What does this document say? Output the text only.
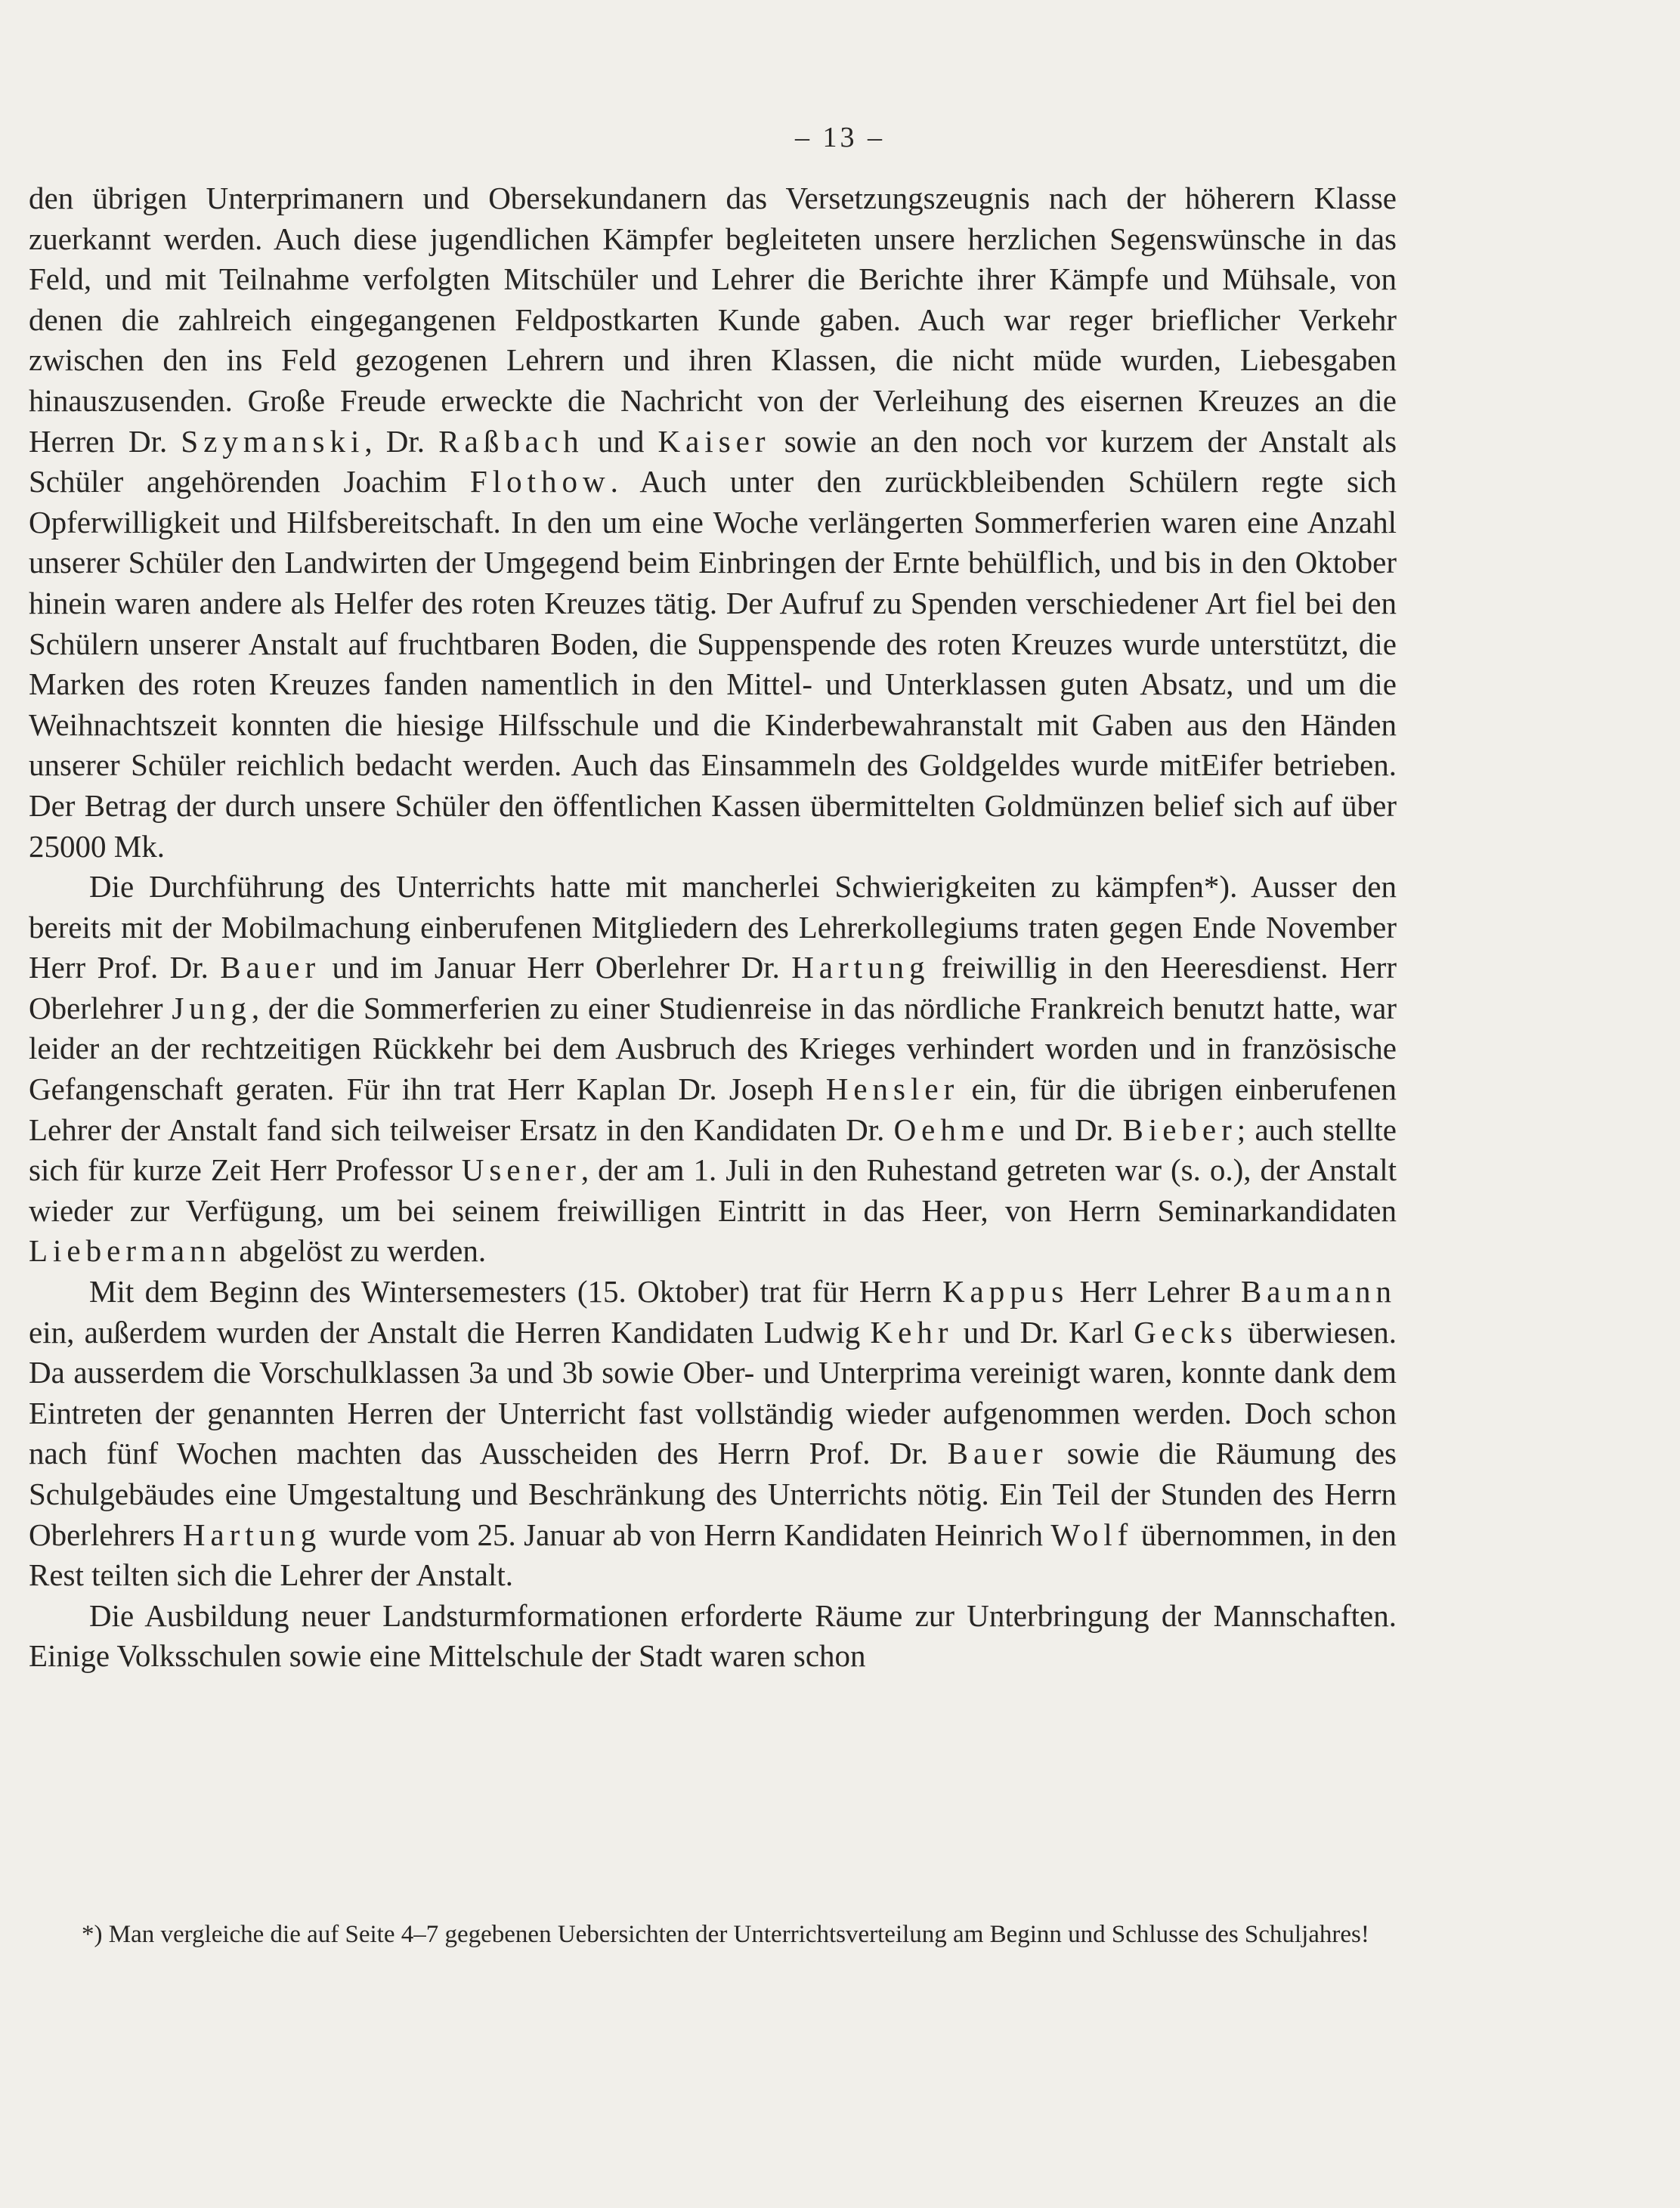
– 13 –

den übrigen Unterprimanern und Obersekundanern das Versetzungszeugnis nach der höherern Klasse zuerkannt werden. Auch diese jugendlichen Kämpfer begleiteten unsere herzlichen Segenswünsche in das Feld, und mit Teilnahme verfolgten Mitschüler und Lehrer die Berichte ihrer Kämpfe und Mühsale, von denen die zahlreich eingegangenen Feldpostkarten Kunde gaben. Auch war reger brieflicher Verkehr zwischen den ins Feld gezogenen Lehrern und ihren Klassen, die nicht müde wurden, Liebesgaben hinauszusenden. Große Freude erweckte die Nachricht von der Verleihung des eisernen Kreuzes an die Herren Dr. Szymanski, Dr. Raßbach und Kaiser sowie an den noch vor kurzem der Anstalt als Schüler angehörenden Joachim Flothow. Auch unter den zurückbleibenden Schülern regte sich Opferwilligkeit und Hilfsbereitschaft. In den um eine Woche verlängerten Sommerferien waren eine Anzahl unserer Schüler den Landwirten der Umgegend beim Einbringen der Ernte behülflich, und bis in den Oktober hinein waren andere als Helfer des roten Kreuzes tätig. Der Aufruf zu Spenden verschiedener Art fiel bei den Schülern unserer Anstalt auf fruchtbaren Boden, die Suppenspende des roten Kreuzes wurde unterstützt, die Marken des roten Kreuzes fanden namentlich in den Mittel- und Unterklassen guten Absatz, und um die Weihnachtszeit konnten die hiesige Hilfsschule und die Kinderbewahranstalt mit Gaben aus den Händen unserer Schüler reichlich bedacht werden. Auch das Einsammeln des Goldgeldes wurde mitEifer betrieben. Der Betrag der durch unsere Schüler den öffentlichen Kassen übermittelten Goldmünzen belief sich auf über 25000 Mk.

Die Durchführung des Unterrichts hatte mit mancherlei Schwierigkeiten zu kämpfen*). Ausser den bereits mit der Mobilmachung einberufenen Mitgliedern des Lehrerkollegiums traten gegen Ende November Herr Prof. Dr. Bauer und im Januar Herr Oberlehrer Dr. Hartung freiwillig in den Heeresdienst. Herr Oberlehrer Jung, der die Sommerferien zu einer Studienreise in das nördliche Frankreich benutzt hatte, war leider an der rechtzeitigen Rückkehr bei dem Ausbruch des Krieges verhindert worden und in französische Gefangenschaft geraten. Für ihn trat Herr Kaplan Dr. Joseph Hensler ein, für die übrigen einberufenen Lehrer der Anstalt fand sich teilweiser Ersatz in den Kandidaten Dr. Oehme und Dr. Bieber; auch stellte sich für kurze Zeit Herr Professor Usener, der am 1. Juli in den Ruhestand getreten war (s. o.), der Anstalt wieder zur Verfügung, um bei seinem freiwilligen Eintritt in das Heer, von Herrn Seminarkandidaten Liebermann abgelöst zu werden.

Mit dem Beginn des Wintersemesters (15. Oktober) trat für Herrn Kappus Herr Lehrer Baumann ein, außerdem wurden der Anstalt die Herren Kandidaten Ludwig Kehr und Dr. Karl Gecks überwiesen. Da ausserdem die Vorschulklassen 3a und 3b sowie Ober- und Unterprima vereinigt waren, konnte dank dem Eintreten der genannten Herren der Unterricht fast vollständig wieder aufgenommen werden. Doch schon nach fünf Wochen machten das Ausscheiden des Herrn Prof. Dr. Bauer sowie die Räumung des Schulgebäudes eine Umgestaltung und Beschränkung des Unterrichts nötig. Ein Teil der Stunden des Herrn Oberlehrers Hartung wurde vom 25. Januar ab von Herrn Kandidaten Heinrich Wolf übernommen, in den Rest teilten sich die Lehrer der Anstalt.

Die Ausbildung neuer Landsturmformationen erforderte Räume zur Unterbringung der Mannschaften. Einige Volksschulen sowie eine Mittelschule der Stadt waren schon

*) Man vergleiche die auf Seite 4–7 gegebenen Uebersichten der Unterrichtsverteilung am Beginn und Schlusse des Schuljahres!
